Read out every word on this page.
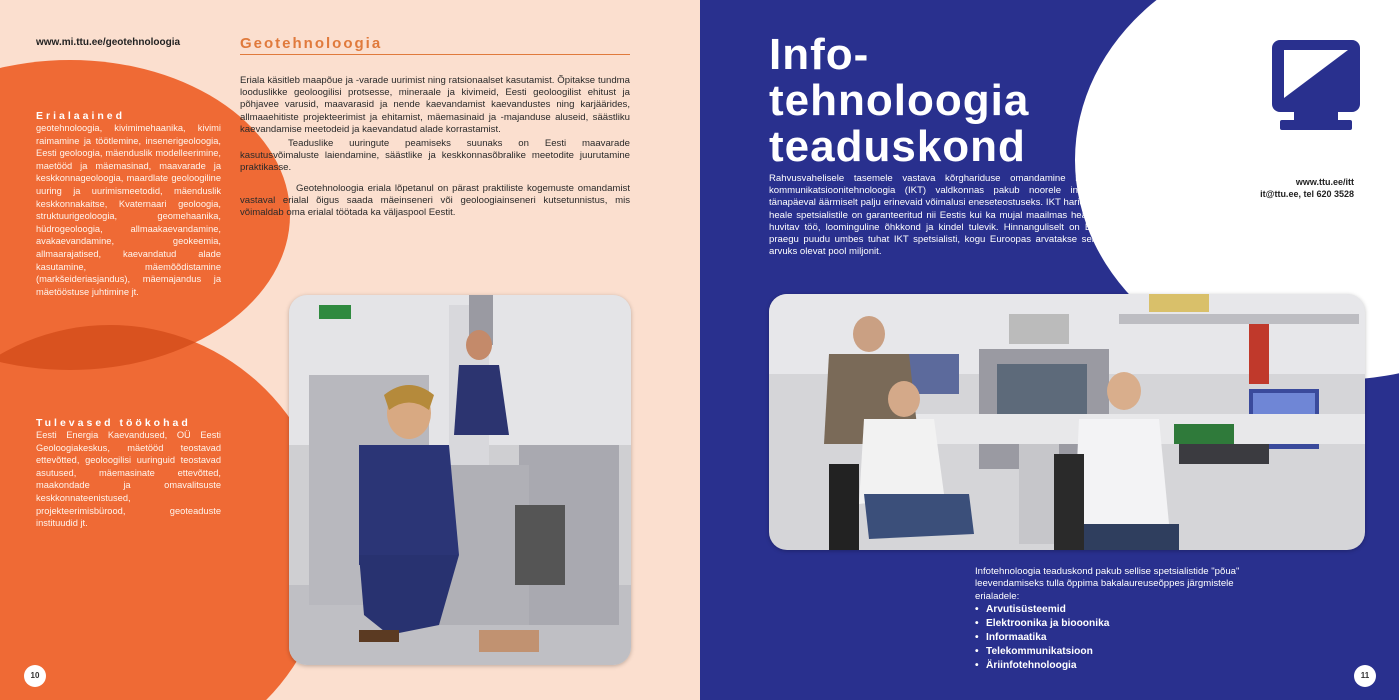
www.mi.ttu.ee/geotehnoloogia	Geotehnoloogia

Eriala käsitleb maapõue ja -varade uurimist ning ratsionaalset kasutamist. Õpitakse tundma looduslikke geoloogilisi protsesse, mineraale ja kivimeid, Eesti geoloogilist ehitust ja põhjavee varusid, maavarasid ja nende kaevandamist kaevandustes ning karjäärides, allmaaehitiste projekteerimist ja ehitamist, mäemasinaid ja -majanduse aluseid, säästliku kaevandamise meetodeid ja kaevandatud alade korrastamist.

Teaduslike uuringute peamiseks suunaks on Eesti maavarade kasutusvõimaluste laiendamine, säästlike ja keskkonnasõbralike meetodite juurutamine praktikasse.

Geotehnoloogia eriala lõpetanul on pärast praktiliste kogemuste omandamist vastaval erialal õigus saada mäeinseneri või geoloogiainseneri kutsetunnistus, mis võimaldab oma erialal töötada ka väljaspool Eestit.

Erialaained
geotehnoloogia, kivimimehaanika, kivimi raimamine ja töötlemine, insenerigeoloogia, Eesti geoloogia, mäenduslik modelleerimine, maetööd ja mäemasinad, maavarade ja keskkonnageoloogia, maardlate geoloogiline uuring ja uurimismeetodid, mäenduslik keskkonnakaitse, Kvaternaari geoloogia, struktuurigeoloogia, geomehaanika, hüdrogeoloogia, allmaakaevandamine, avakaevandamine, geokeemia, allmaarajatised, kaevandatud alade kasutamine, mäemõõdistamine (markšeideriasjandus), mäemajandus ja mäetööstuse juhtimine jt.
Tulevased töökohad
Eesti Energia Kaevandused, OÜ Eesti Geoloogiakeskus, mäetööd teostavad ettevõtted, geoloogilisi uuringuid teostavad asutused, mäemasinate ettevõtted, maakondade ja omavalitsuste keskkonnateenistused, projekteerimisbürood, geoteaduste instituudid jt.
10
Info-
tehnoloogia
teaduskond
www.ttu.ee/itt
it@ttu.ee, tel 620 3528
Rahvusvahelisele tasemele vastava kõrghariduse omandamine info- ja kommunikatsioonitehnoloogia (IKT) valdkonnas pakub noorele inimesele tänapäeval äärmiselt palju erinevaid võimalusi eneseteostuseks. IKT haridusega heale spetsialistile on garanteeritud nii Eestis kui ka mujal maailmas hea palk, huvitav töö, loominguline õhkkond ja kindel tulevik. Hinnanguliselt on Eestis praegu puudu umbes tuhat IKT spetsialisti, kogu Euroopas arvatakse selleks arvuks olevat pool miljonit.
Infotehnoloogia teaduskond pakub sellise spetsialistide "põua" leevendamiseks tulla õppima bakalaureuseõppes järgmistele erialadele:
• Arvutisüsteemid
• Elektroonika ja biooonika
• Informaatika
• Telekommunikatsioon
• Äriinfotehnoloogia
11
